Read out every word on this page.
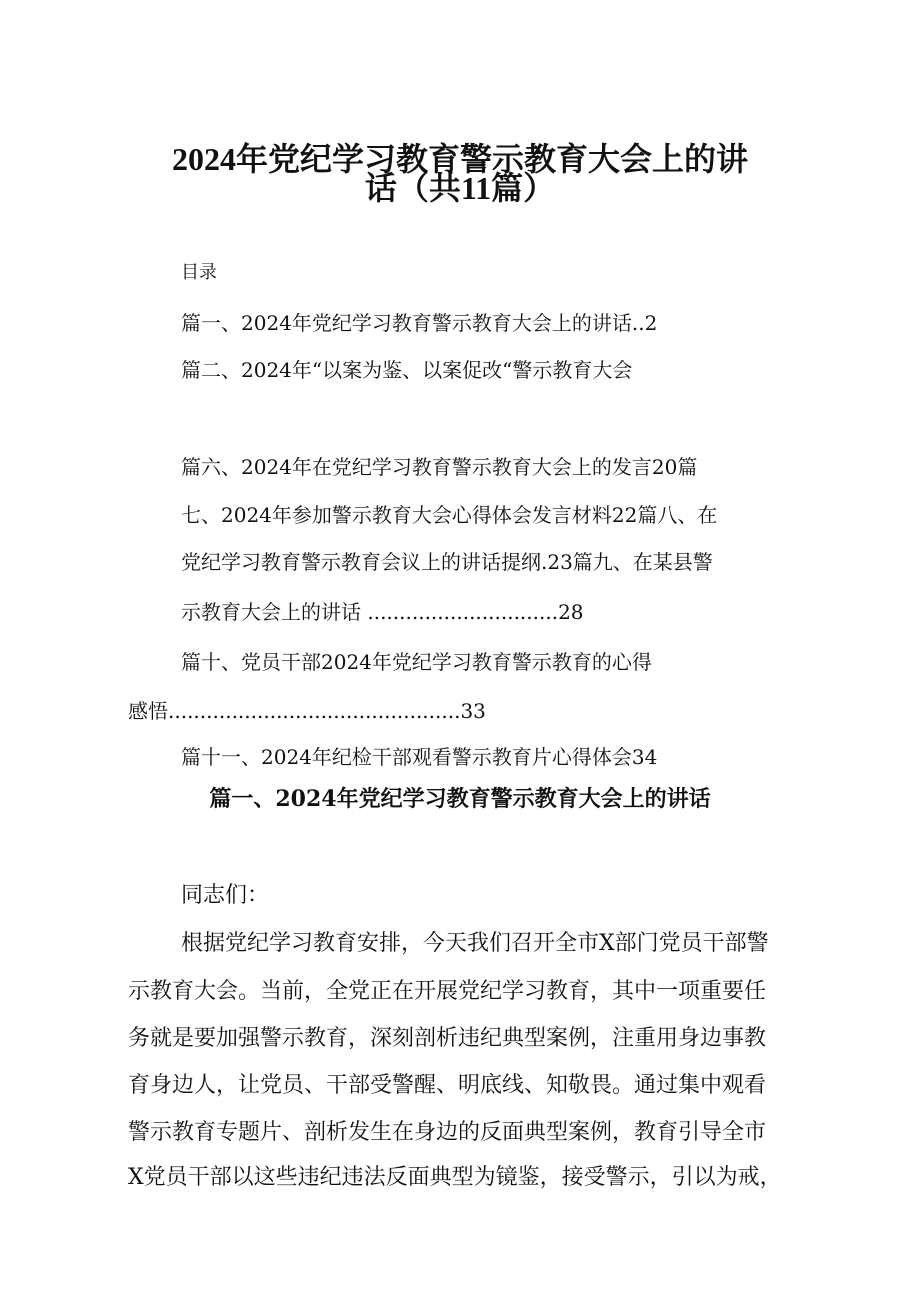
2024年党纪学习教育警示教育大会上的讲
话（共11篇）
目录
篇一、2024年党纪学习教育警示教育大会上的讲话..2
篇二、2024年“以案为鉴、以案促改“警示教育大会
篇六、2024年在党纪学习教育警示教育大会上的发言20篇
七、2024年参加警示教育大会心得体会发言材料22篇八、在
党纪学习教育警示教育会议上的讲话提纲.23篇九、在某县警
示教育大会上的讲话 ..............................28
篇十、党员干部2024年党纪学习教育警示教育的心得
感悟..............................................33
篇十一、2024年纪检干部观看警示教育片心得体会34
篇一、2024年党纪学习教育警示教育大会上的讲话
同志们：
根据党纪学习教育安排，今天我们召开全市X部门党员干部警
示教育大会。当前，全党正在开展党纪学习教育，其中一项重要任
务就是要加强警示教育，深刻剖析违纪典型案例，注重用身边事教
育身边人，让党员、干部受警醒、明底线、知敬畏。通过集中观看
警示教育专题片、剖析发生在身边的反面典型案例，教育引导全市
X党员干部以这些违纪违法反面典型为镜鉴，接受警示，引以为戒，
